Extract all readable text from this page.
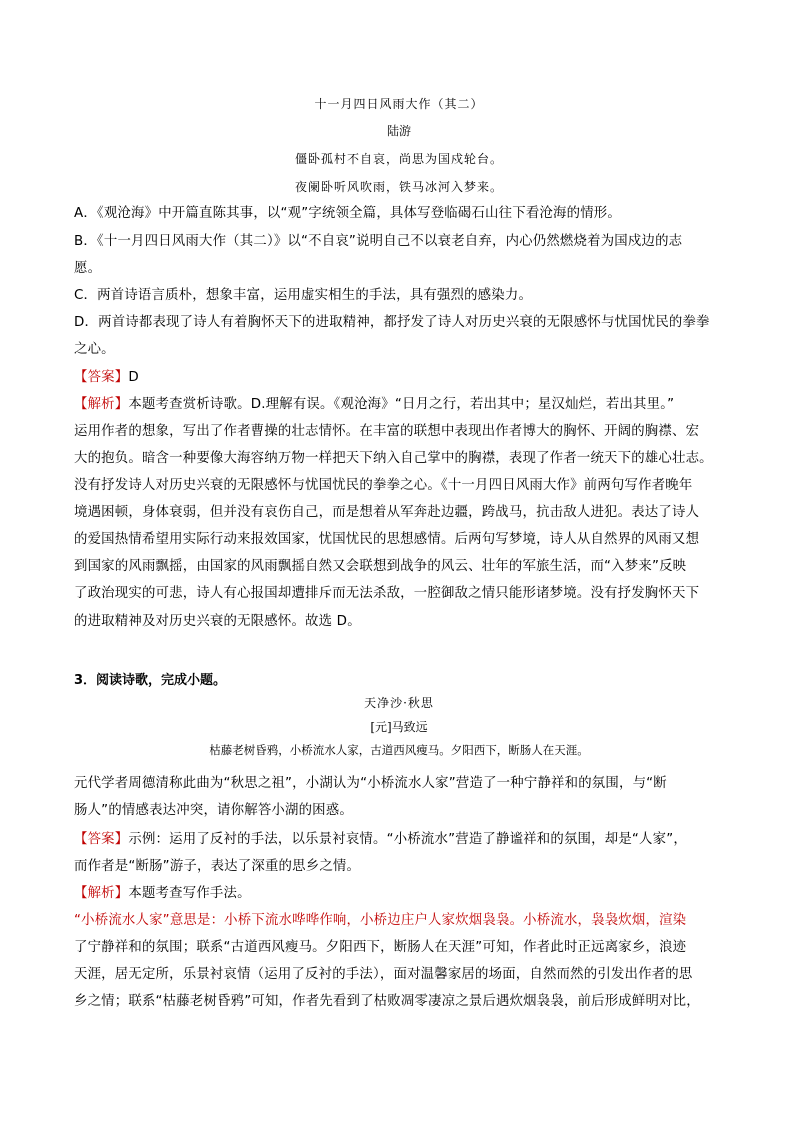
十一月四日风雨大作（其二）
陆游
僵卧孤村不自哀，尚思为国戍轮台。
夜阑卧听风吹雨，铁马冰河入梦来。
A．《观沧海》中开篇直陈其事，以“观”字统领全篇，具体写登临碣石山往下看沧海的情形。
B．《十一月四日风雨大作（其二）》以“不自哀”说明自己不以衰老自弃，内心仍然燃烧着为国戍边的志
愿。
C．两首诗语言质朴，想象丰富，运用虚实相生的手法，具有强烈的感染力。
D．两首诗都表现了诗人有着胸怀天下的进取精神，都抒发了诗人对历史兴衰的无限感怀与忧国忧民的拳拳
之心。
【答案】D
【解析】本题考查赏析诗歌。D.理解有误。《观沧海》“日月之行，若出其中；星汉灿烂，若出其里。”
运用作者的想象，写出了作者曹操的壮志情怀。在丰富的联想中表现出作者博大的胸怀、开阔的胸襟、宏
大的抱负。暗含一种要像大海容纳万物一样把天下纳入自己掌中的胸襟，表现了作者一统天下的雄心壮志。
没有抒发诗人对历史兴衰的无限感怀与忧国忧民的拳拳之心。《十一月四日风雨大作》前两句写作者晚年
境遇困顿，身体衰弱，但并没有哀伤自己，而是想着从军奔赴边疆，跨战马，抗击敌人进犯。表达了诗人
的爱国热情希望用实际行动来报效国家，忧国忧民的思想感情。后两句写梦境，诗人从自然界的风雨又想
到国家的风雨飘摇，由国家的风雨飘摇自然又会联想到战争的风云、壮年的军旅生活，而“入梦来”反映
了政治现实的可悲，诗人有心报国却遭排斥而无法杀敌，一腔御敌之情只能形诸梦境。没有抒发胸怀天下
的进取精神及对历史兴衰的无限感怀。故选 D。
3．阅读诗歌，完成小题。
天净沙·秋思
[元]马致远
枯藤老树昏鸦，小桥流水人家，古道西风瘦马。夕阳西下，断肠人在天涯。
元代学者周德清称此曲为“秋思之祖”，小湖认为“小桥流水人家”营造了一种宁静祥和的氛围，与“断
肠人”的情感表达冲突，请你解答小湖的困惑。
【答案】示例：运用了反衬的手法，以乐景衬哀情。“小桥流水”营造了静谧祥和的氛围，却是“人家”，
而作者是“断肠”游子，表达了深重的思乡之情。
【解析】本题考查写作手法。
“小桥流水人家”意思是：小桥下流水哗哗作响，小桥边庄户人家炊烟袅袅。小桥流水，袅袅炊烟，渲染
了宁静祥和的氛围；联系“古道西风瘦马。夕阳西下，断肠人在天涯”可知，作者此时正远离家乡，浪迹
天涯，居无定所，乐景衬哀情（运用了反衬的手法），面对温馨家居的场面，自然而然的引发出作者的思
乡之情；联系“枯藤老树昏鸦”可知，作者先看到了枯败凋零凄凉之景后遇炊烟袅袅，前后形成鲜明对比，
